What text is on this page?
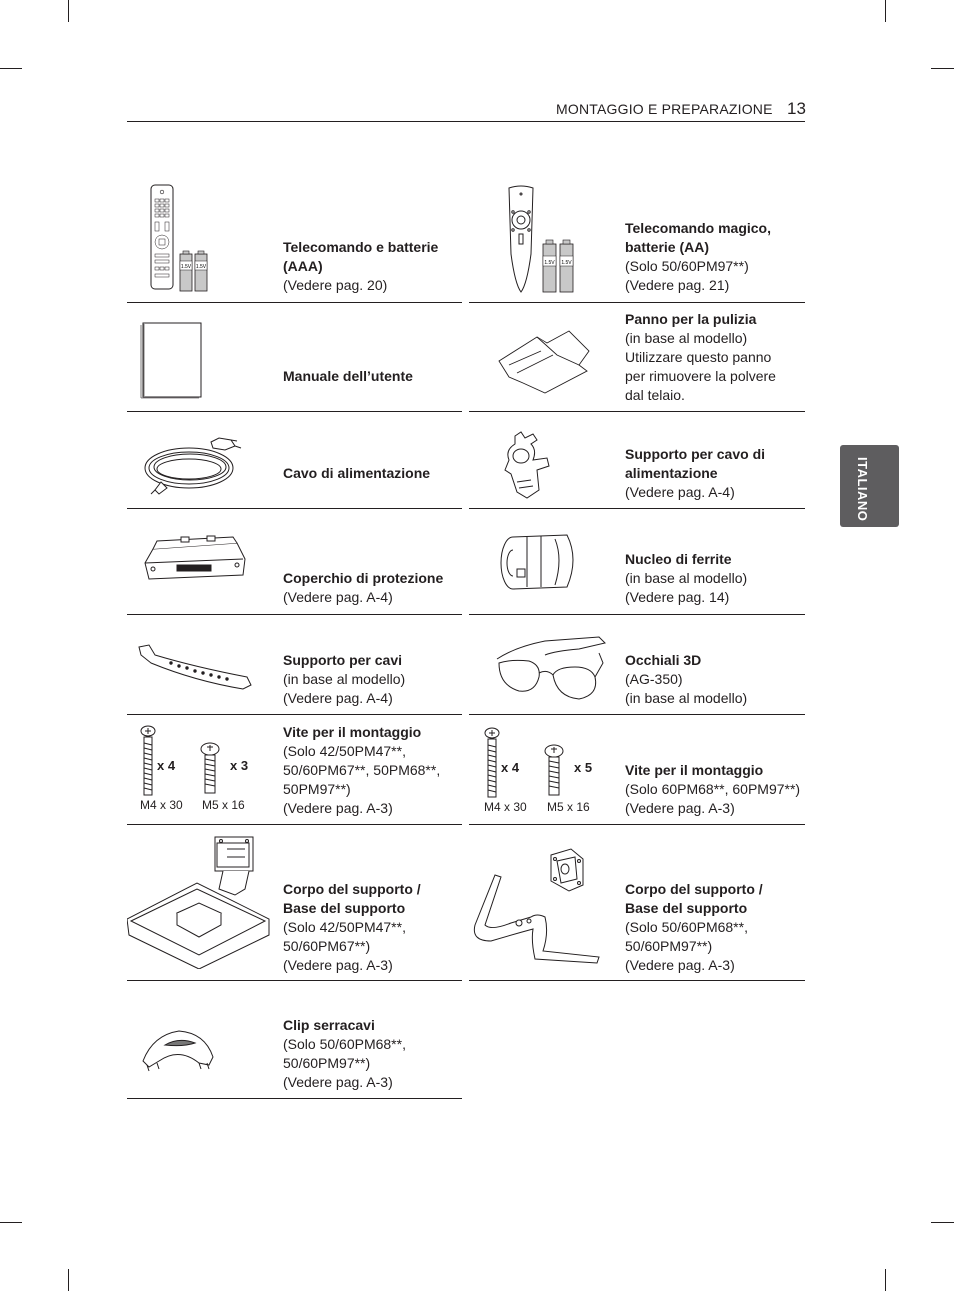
MONTAGGIO E PREPARAZIONE 13
ITALIANO
1.5V 1.5V
Telecomando e batterie
(AAA)
(Vedere pag. 20)
Manuale dell’utente
Cavo di alimentazione
Coperchio di protezione
(Vedere pag. A-4)
Supporto per cavi
(in base al modello)
(Vedere pag. A-4)
x 4	x 3
M4 x 30 M5 x 16
Vite per il montaggio
(Solo 42/50PM47**,
50/60PM67**, 50PM68**,
50PM97**)
(Vedere pag. A-3)
Corpo del supporto /
Base del supporto
(Solo 42/50PM47**,
50/60PM67**)
(Vedere pag. A-3)
Clip serracavi
(Solo 50/60PM68**,
50/60PM97**)
(Vedere pag. A-3)
1.5V 1.5V
Telecomando magico,
batterie (AA)
(Solo 50/60PM97**)
(Vedere pag. 21)
Panno per la pulizia
(in base al modello)
Utilizzare questo panno
per rimuovere la polvere
dal telaio.
Supporto per cavo di
alimentazione
(Vedere pag. A-4)
Nucleo di ferrite
(in base al modello)
(Vedere pag. 14)
Occhiali 3D
(AG-350)
(in base al modello)
x 4	x 5
M4 x 30 M5 x 16
Vite per il montaggio
(Solo 60PM68**, 60PM97**)
(Vedere pag. A-3)
Corpo del supporto /
Base del supporto
(Solo 50/60PM68**,
50/60PM97**)
(Vedere pag. A-3)
